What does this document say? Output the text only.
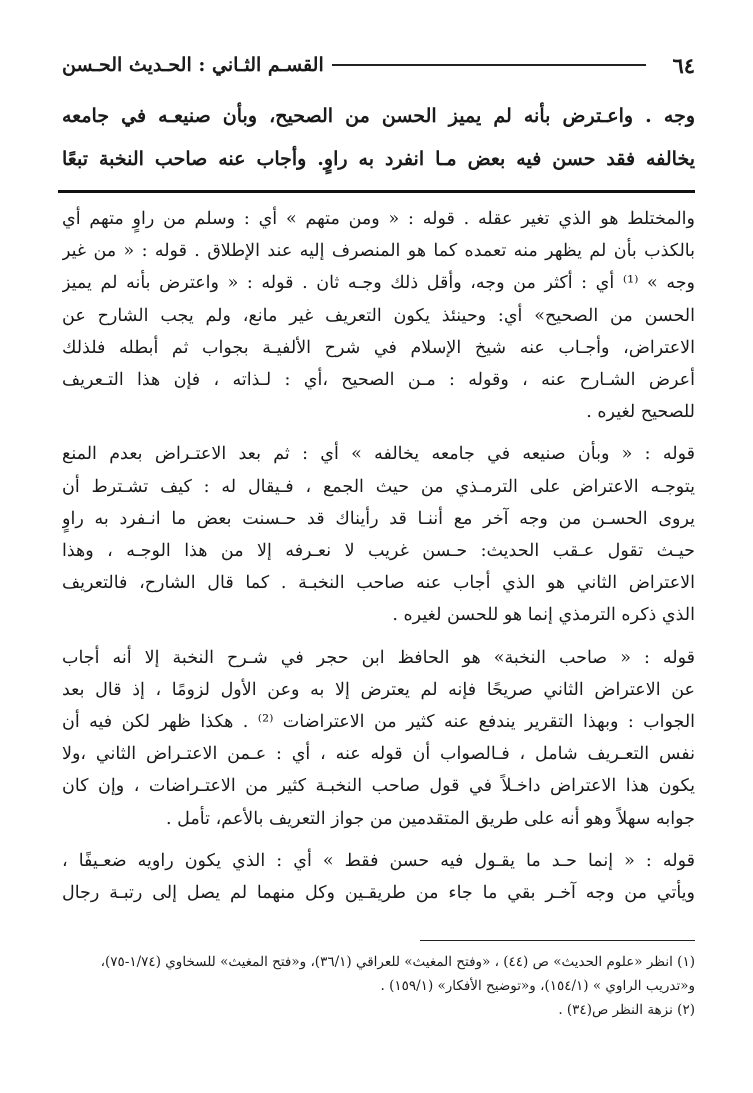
٦٤
القسـم الثـاني : الحـديث الحـسن
وجه . واعـترض بأنه لم يميز الحسن من الصحيح، وبأن صنيعـه في جامعه
يخالفه فقد حسن فيه بعض مـا انفرد به راوٍ. وأجاب عنه صاحب النخبة تبعًا

والمختلط هو الذي تغير عقله . قوله : « ومن متهم » أي : وسلم من راوٍ متهم أي
بالكذب بأن لم يظهر منه تعمده كما هو المنصرف إليه عند الإطلاق . قوله : « من غير
وجه » ⁽¹⁾ أي : أكثر من وجه، وأقل ذلك وجـه ثان . قوله : « واعترض بأنه لم يميز
الحسن من الصحيح» أي: وحينئذ يكون التعريف غير مانع، ولم يجب الشارح عن
الاعتراض، وأجـاب عنه شيخ الإسلام في شرح الألفيـة بجواب ثم أبطله فلذلك
أعرض الشـارح عنه ، وقوله : مـن الصحيح ،أي : لـذاته ، فإن هذا التـعريف
للصحيح لغيره .

قوله : « وبأن صنيعه في جامعه يخالفه » أي : ثم بعد الاعتـراض بعدم المنع
يتوجـه الاعتراض على الترمـذي من حيث الجمع ، فـيقال له : كيف تشـترط أن
يروى الحسـن من وجه آخر مع أننـا قد رأيناك قد حـسنت بعض ما انـفرد به راوٍ
حيـث تقول عـقب الحديث: حـسن غريب لا نعـرفه إلا من هذا الوجـه ، وهذا
الاعتراض الثاني هو الذي أجاب عنه صاحب النخبـة . كما قال الشارح، فالتعريف
الذي ذكره الترمذي إنما هو للحسن لغيره .

قوله : « صاحب النخبة» هو الحافظ ابن حجر في شـرح النخبة إلا أنه أجاب
عن الاعتراض الثاني صريحًا فإنه لم يعترض إلا به وعن الأول لزومًا ، إذ قال بعد
الجواب : وبهذا التقرير يندفع عنه كثير من الاعتراضات ⁽²⁾ . هكذا ظهر لكن فيه أن
نفس التعـريف شامل ، فـالصواب أن قوله عنه ، أي : عـمن الاعتـراض الثاني ،ولا
يكون هذا الاعتراض داخـلاً في قول صاحب النخبـة كثير من الاعتـراضات ، وإن كان
جوابه سهلاً وهو أنه على طريق المتقدمين من جواز التعريف بالأعم، تأمل .

قوله : « إنما حـد ما يقـول فيه حسن فقط » أي : الذي يكون راويه ضعـيفًا ،
ويأتي من وجه آخـر بقي ما جاء من طريقـين وكل منهما لم يصل إلى رتبـة رجال

(١) انظر «علوم الحديث» ص (٤٤) ، «وفتح المغيث» للعراقي (٣٦/١)، و«فتح المغيث» للسخاوي (١/٧٤-٧٥)،
و«تدريب الراوي » (١٥٤/١)، و«توضيح الأفكار» (١٥٩/١) .
(٢) نزهة النظر ص(٣٤) .
